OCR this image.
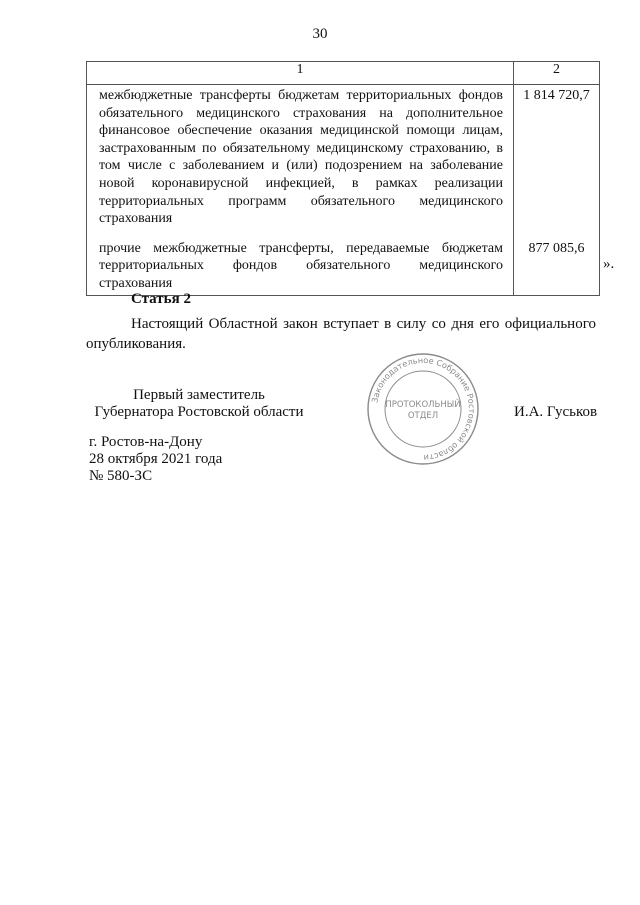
30
1	2
межбюджетные трансферты бюджетам территориальных фондов обязательного медицинского страхования на дополнительное финансовое обеспечение оказания медицинской помощи лицам, застрахованным по обязательному медицинскому страхованию, в том числе с заболеванием и (или) подозрением на заболевание новой коронавирусной инфекцией, в рамках реализации территориальных программ обязательного медицинского страхования	1 814 720,7
прочие межбюджетные трансферты, передаваемые бюджетам территориальных фондов обязательного медицинского страхования	877 085,6
».
Статья 2
Настоящий Областной закон вступает в силу со дня его официального опубликования.
Первый заместитель
Губернатора Ростовской области
Законодательное Собрание Ростовской области
ПРОТОКОЛЬНЫЙ
ОТДЕЛ	И.А. Гуськов
г. Ростов-на-Дону
28 октября 2021 года
№ 580-ЗС
